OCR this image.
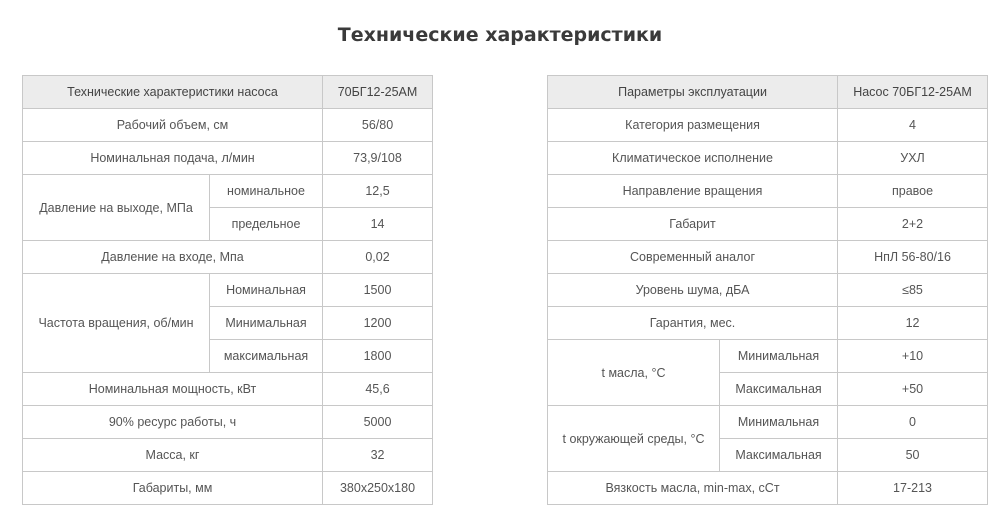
Технические характеристики
Технические характеристики насоса		70БГ12-25АМ
Рабочий объем, см		56/80
Номинальная подача, л/мин		73,9/108
Давление на выходе, МПа	номинальное	12,5
	предельное	14
Давление на входе, Мпа		0,02
Частота вращения, об/мин	Номинальная	1500
	Минимальная	1200
	максимальная	1800
Номинальная мощность, кВт		45,6
90% ресурс работы, ч		5000
Масса, кг		32
Габариты, мм		380х250х180
Параметры эксплуатации		Насос 70БГ12-25АМ
Категория размещения		4
Климатическое исполнение		УХЛ
Направление вращения		правое
Габарит		2+2
Современный аналог		НпЛ 56-80/16
Уровень шума, дБА		≤85
Гарантия, мес.		12
t масла, °С	Минимальная	+10
	Максимальная	+50
t окружающей среды, °С	Минимальная	0
	Максимальная	50
Вязкость масла, min-max, сСт		17-213
